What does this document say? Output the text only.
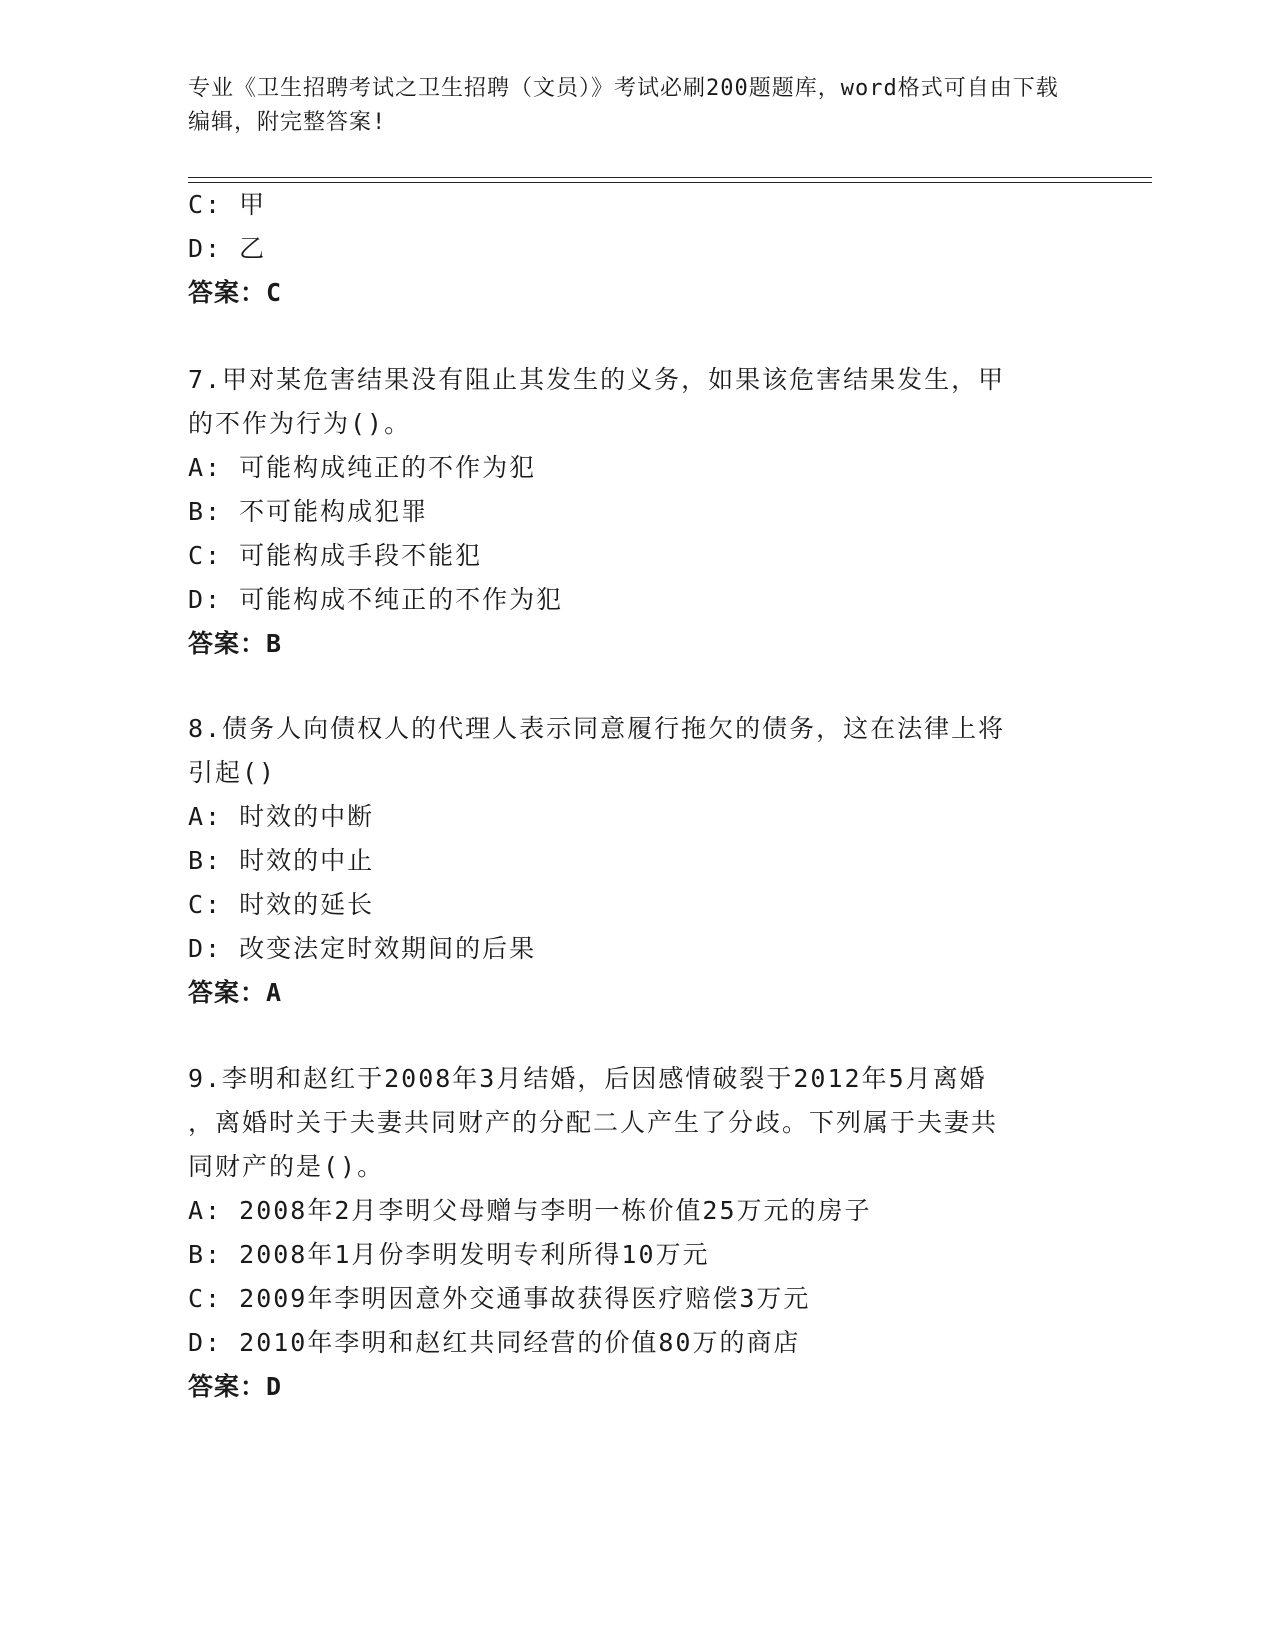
专业《卫生招聘考试之卫生招聘（文员）》考试必刷200题题库，word格式可自由下载编辑，附完整答案!
C: 甲
D: 乙
答案：C
7.甲对某危害结果没有阻止其发生的义务，如果该危害结果发生，甲
的不作为行为()。
A: 可能构成纯正的不作为犯
B: 不可能构成犯罪
C: 可能构成手段不能犯
D: 可能构成不纯正的不作为犯
答案：B
8.债务人向债权人的代理人表示同意履行拖欠的债务，这在法律上将
引起()
A: 时效的中断
B: 时效的中止
C: 时效的延长
D: 改变法定时效期间的后果
答案：A
9.李明和赵红于2008年3月结婚，后因感情破裂于2012年5月离婚
，离婚时关于夫妻共同财产的分配二人产生了分歧。下列属于夫妻共
同财产的是()。
A: 2008年2月李明父母赠与李明一栋价值25万元的房子
B: 2008年1月份李明发明专利所得10万元
C: 2009年李明因意外交通事故获得医疗赔偿3万元
D: 2010年李明和赵红共同经营的价值80万的商店
答案：D
